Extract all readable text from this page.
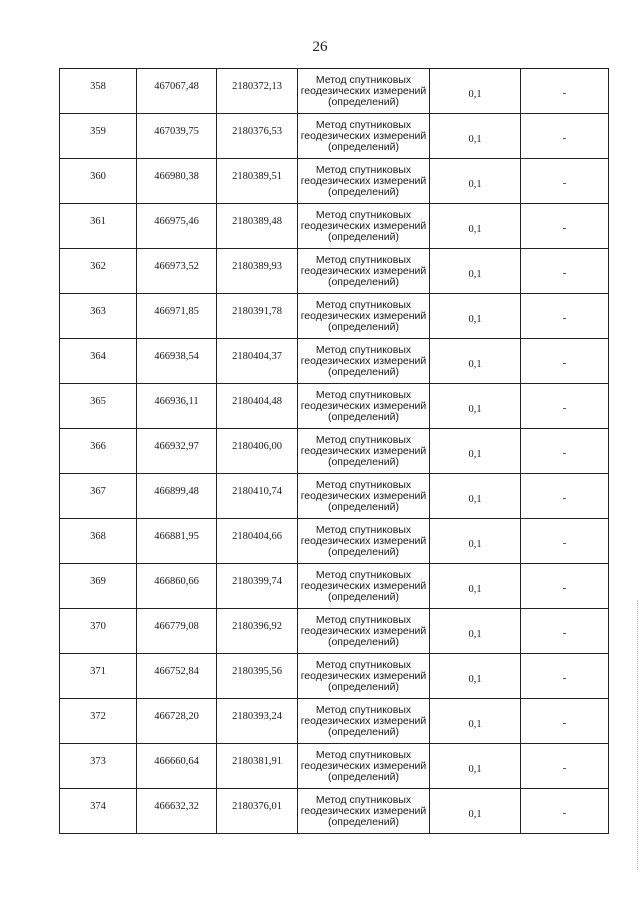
26
358	467067,48	2180372,13	Метод спутниковых
геодезических измерений
(определений)	0,1	-
359	467039,75	2180376,53	Метод спутниковых
геодезических измерений
(определений)	0,1	-
360	466980,38	2180389,51	Метод спутниковых
геодезических измерений
(определений)	0,1	-
361	466975,46	2180389,48	Метод спутниковых
геодезических измерений
(определений)	0,1	-
362	466973,52	2180389,93	Метод спутниковых
геодезических измерений
(определений)	0,1	-
363	466971,85	2180391,78	Метод спутниковых
геодезических измерений
(определений)	0,1	-
364	466938,54	2180404,37	Метод спутниковых
геодезических измерений
(определений)	0,1	-
365	466936,11	2180404,48	Метод спутниковых
геодезических измерений
(определений)	0,1	-
366	466932,97	2180406,00	Метод спутниковых
геодезических измерений
(определений)	0,1	-
367	466899,48	2180410,74	Метод спутниковых
геодезических измерений
(определений)	0,1	-
368	466881,95	2180404,66	Метод спутниковых
геодезических измерений
(определений)	0,1	-
369	466860,66	2180399,74	Метод спутниковых
геодезических измерений
(определений)	0,1	-
370	466779,08	2180396,92	Метод спутниковых
геодезических измерений
(определений)	0,1	-
371	466752,84	2180395,56	Метод спутниковых
геодезических измерений
(определений)	0,1	-
372	466728,20	2180393,24	Метод спутниковых
геодезических измерений
(определений)	0,1	-
373	466660,64	2180381,91	Метод спутниковых
геодезических измерений
(определений)	0,1	-
374	466632,32	2180376,01	Метод спутниковых
геодезических измерений
(определений)	0,1	-
